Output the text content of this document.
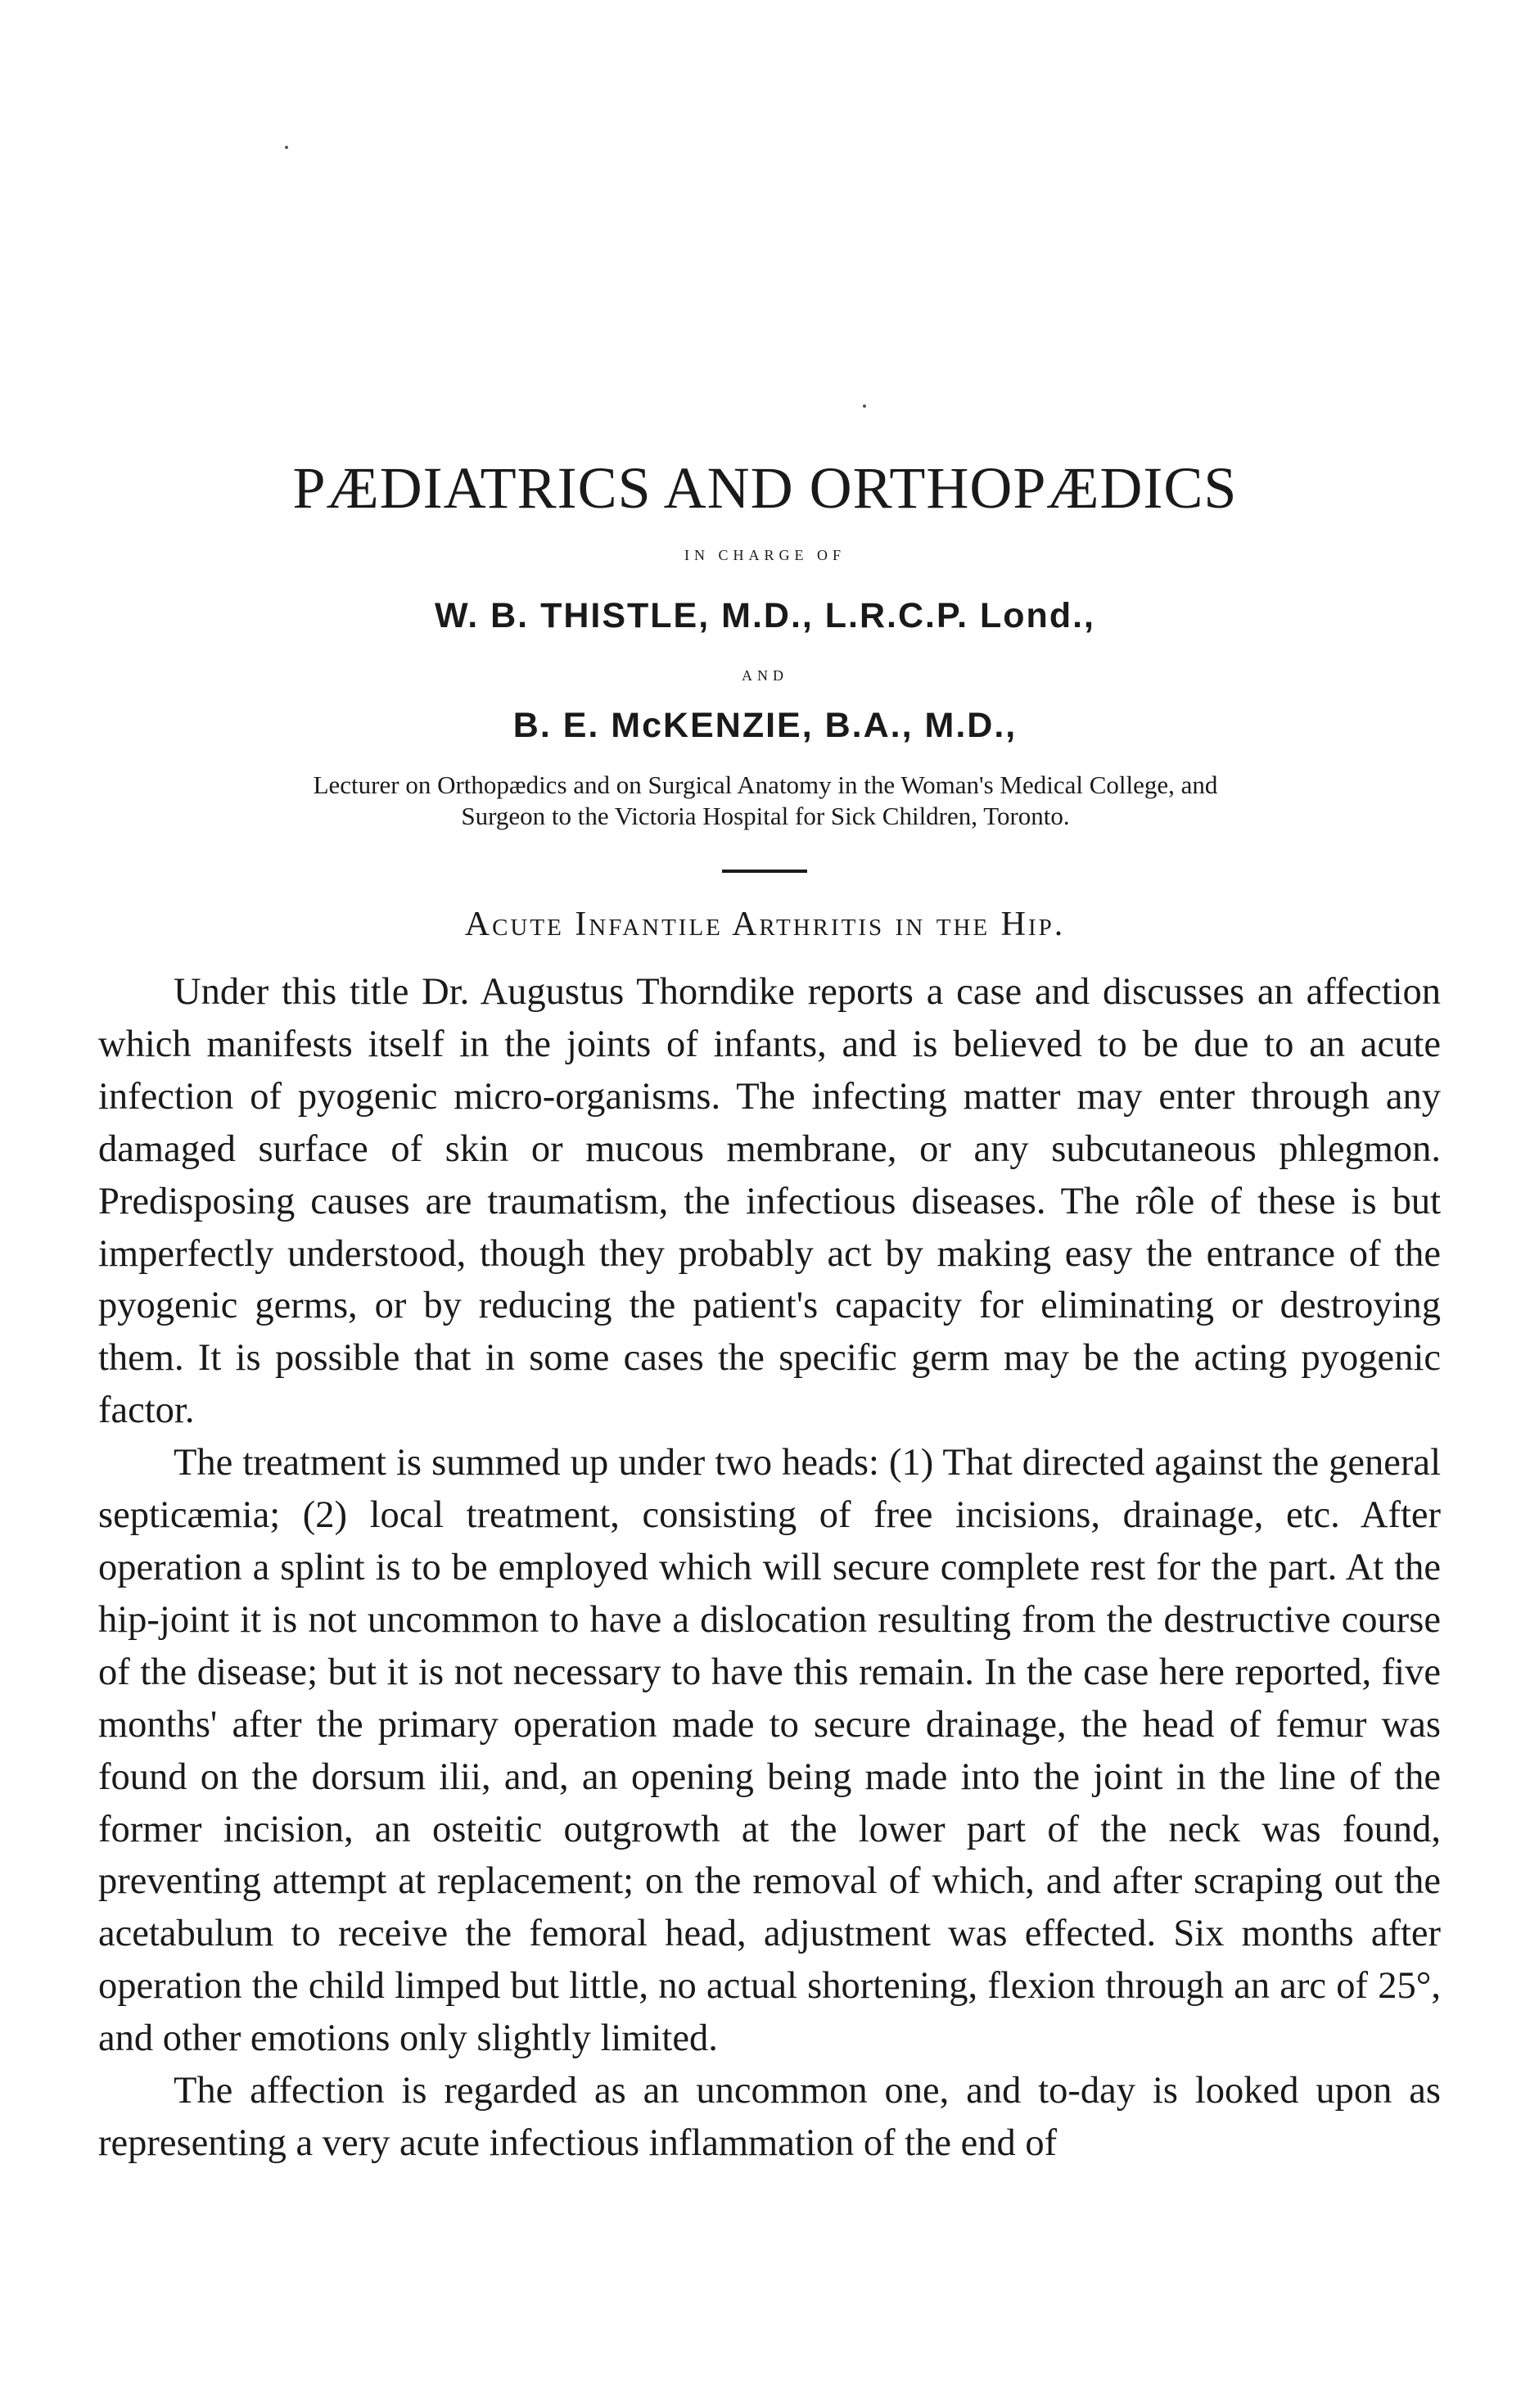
PÆDIATRICS AND ORTHOPÆDICS
IN CHARGE OF
W. B. THISTLE, M.D., L.R.C.P. Lond.,
AND
B. E. McKENZIE, B.A., M.D.,

Lecturer on Orthopædics and on Surgical Anatomy in the Woman's Medical College, and
Surgeon to the Victoria Hospital for Sick Children, Toronto.

Acute Infantile Arthritis in the Hip.

Under this title Dr. Augustus Thorndike reports a case and discusses an affection which manifests itself in the joints of infants, and is believed to be due to an acute infection of pyogenic micro-organisms. The infecting matter may enter through any damaged surface of skin or mucous membrane, or any subcutaneous phlegmon. Predisposing causes are traumatism, the infectious diseases. The rôle of these is but imperfectly understood, though they probably act by making easy the entrance of the pyogenic germs, or by reducing the patient's capacity for eliminating or destroying them. It is possible that in some cases the specific germ may be the acting pyogenic factor.

The treatment is summed up under two heads: (1) That directed against the general septicæmia; (2) local treatment, consisting of free incisions, drainage, etc. After operation a splint is to be employed which will secure complete rest for the part. At the hip-joint it is not uncommon to have a dislocation resulting from the destructive course of the disease; but it is not necessary to have this remain. In the case here reported, five months' after the primary operation made to secure drainage, the head of femur was found on the dorsum ilii, and, an opening being made into the joint in the line of the former incision, an osteitic outgrowth at the lower part of the neck was found, preventing attempt at replacement; on the removal of which, and after scraping out the acetabulum to receive the femoral head, adjustment was effected. Six months after operation the child limped but little, no actual shortening, flexion through an arc of 25°, and other emotions only slightly limited.

The affection is regarded as an uncommon one, and to-day is looked upon as representing a very acute infectious inflammation of the end of
